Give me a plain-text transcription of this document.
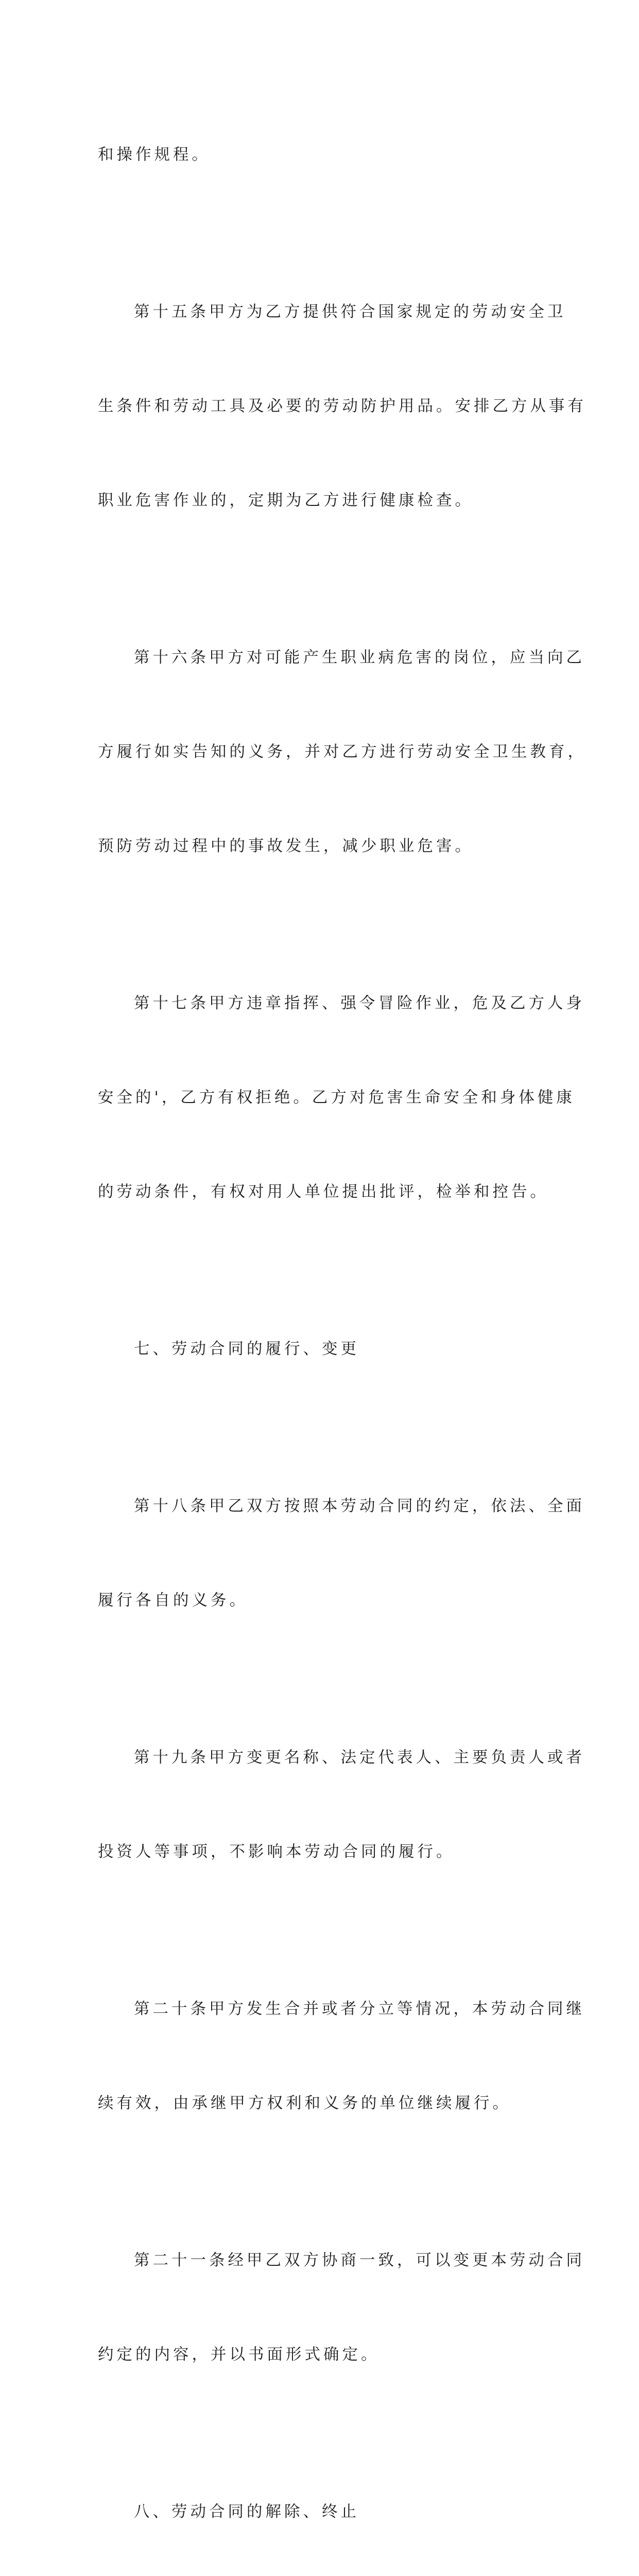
和操作规程。

第十五条甲方为乙方提供符合国家规定的劳动安全卫

生条件和劳动工具及必要的劳动防护用品。安排乙方从事有

职业危害作业的，定期为乙方进行健康检查。

第十六条甲方对可能产生职业病危害的岗位，应当向乙

方履行如实告知的义务，并对乙方进行劳动安全卫生教育，

预防劳动过程中的事故发生，减少职业危害。

第十七条甲方违章指挥、强令冒险作业，危及乙方人身

安全的'，乙方有权拒绝。乙方对危害生命安全和身体健康

的劳动条件，有权对用人单位提出批评，检举和控告。

七、劳动合同的履行、变更

第十八条甲乙双方按照本劳动合同的约定，依法、全面

履行各自的义务。

第十九条甲方变更名称、法定代表人、主要负责人或者

投资人等事项，不影响本劳动合同的履行。

第二十条甲方发生合并或者分立等情况，本劳动合同继

续有效，由承继甲方权利和义务的单位继续履行。

第二十一条经甲乙双方协商一致，可以变更本劳动合同

约定的内容，并以书面形式确定。

八、劳动合同的解除、终止
